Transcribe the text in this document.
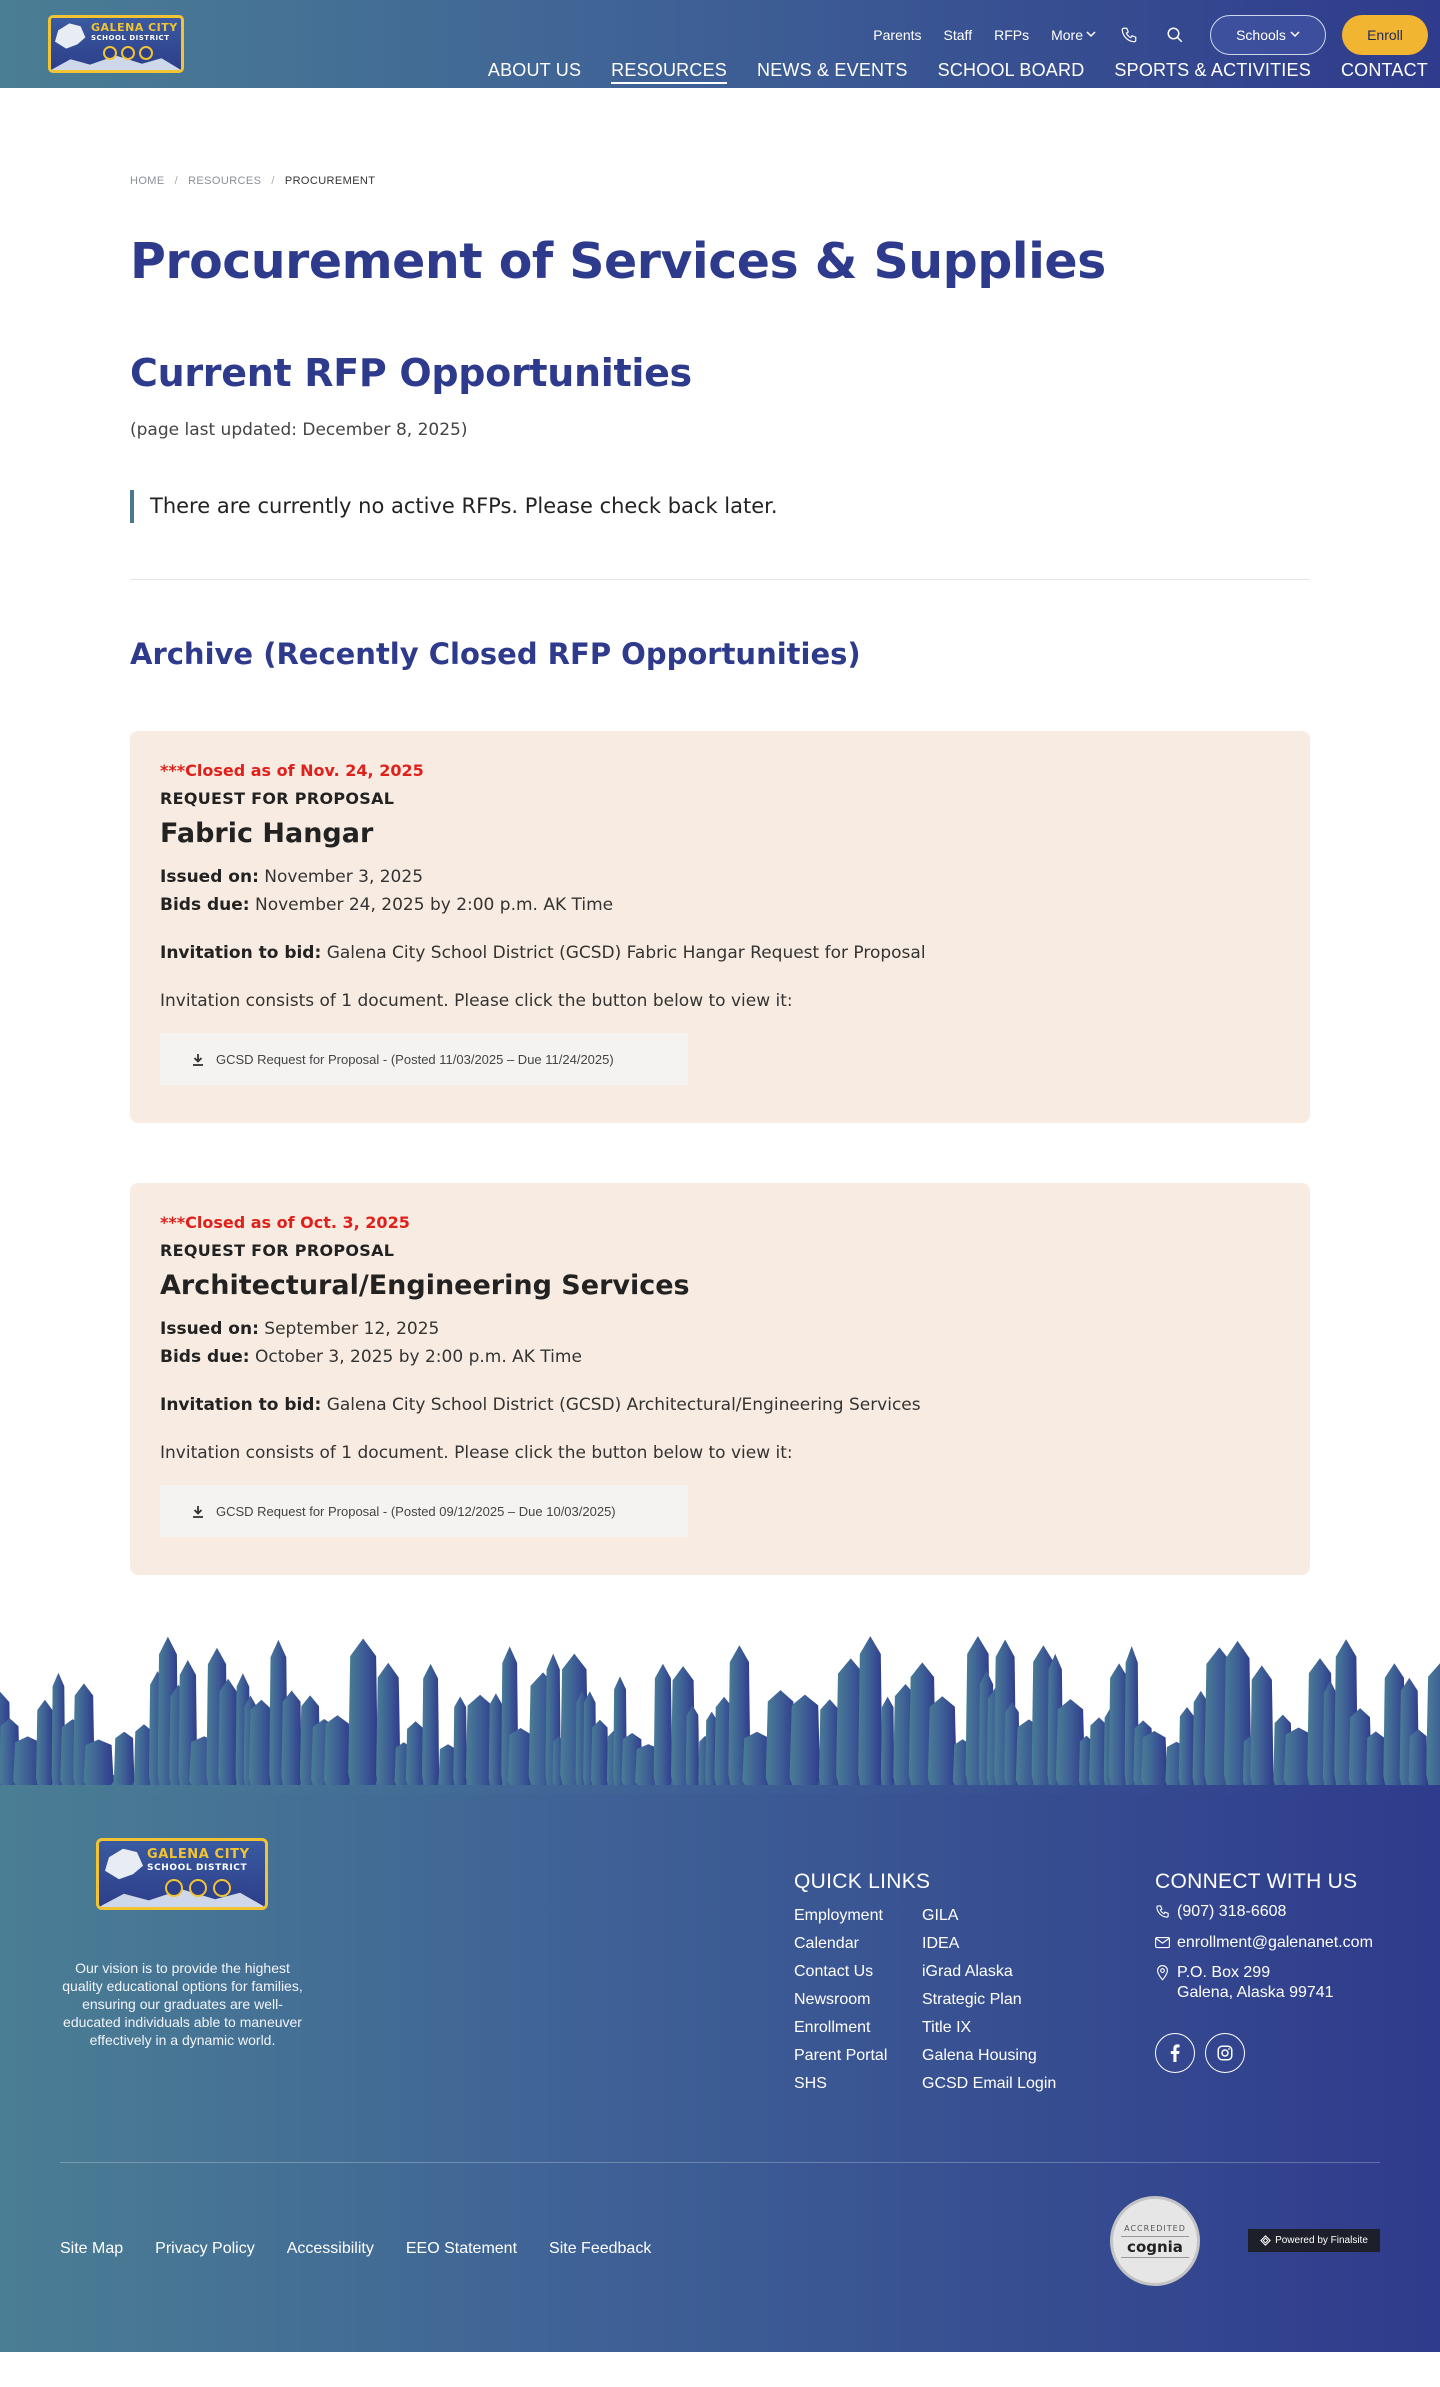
GALENA CITY
SCHOOL DISTRICT	Parents Staff RFPs More	Schools	Enroll
ABOUT US RESOURCES NEWS & EVENTS SCHOOL BOARD SPORTS & ACTIVITIES CONTACT
HOME / RESOURCES / PROCUREMENT
Procurement of Services & Supplies
Current RFP Opportunities

(page last updated: December 8, 2025)

There are currently no active RFPs. Please check back later.
Archive (Recently Closed RFP Opportunities)
***Closed as of Nov. 24, 2025
REQUEST FOR PROPOSAL
Fabric Hangar
Issued on: November 3, 2025
Bids due: November 24, 2025 by 2:00 p.m. AK Time
Invitation to bid: Galena City School District (GCSD) Fabric Hangar Request for Proposal
Invitation consists of 1 document. Please click the button below to view it:
GCSD Request for Proposal - (Posted 11/03/2025 – Due 11/24/2025)
***Closed as of Oct. 3, 2025
REQUEST FOR PROPOSAL
Architectural/Engineering Services
Issued on: September 12, 2025
Bids due: October 3, 2025 by 2:00 p.m. AK Time
Invitation to bid: Galena City School District (GCSD) Architectural/Engineering Services
Invitation consists of 1 document. Please click the button below to view it:
GCSD Request for Proposal - (Posted 09/12/2025 – Due 10/03/2025)
GALENA CITY
SCHOOL DISTRICT

Our vision is to provide the highest quality educational options for families, ensuring our graduates are well-educated individuals able to maneuver effectively in a dynamic world.

QUICK LINKS
Employment
Calendar
Contact Us
Newsroom
Enrollment
Parent Portal
SHS
GILA
IDEA
iGrad Alaska
Strategic Plan
Title IX
Galena Housing
GCSD Email Login
CONNECT WITH US
(907) 318-6608
enrollment@galenanet.com
P.O. Box 299
Galena, Alaska 99741
Site Map Privacy Policy Accessibility EEO Statement Site Feedback
ACCREDITED
cognia	Powered by Finalsite
